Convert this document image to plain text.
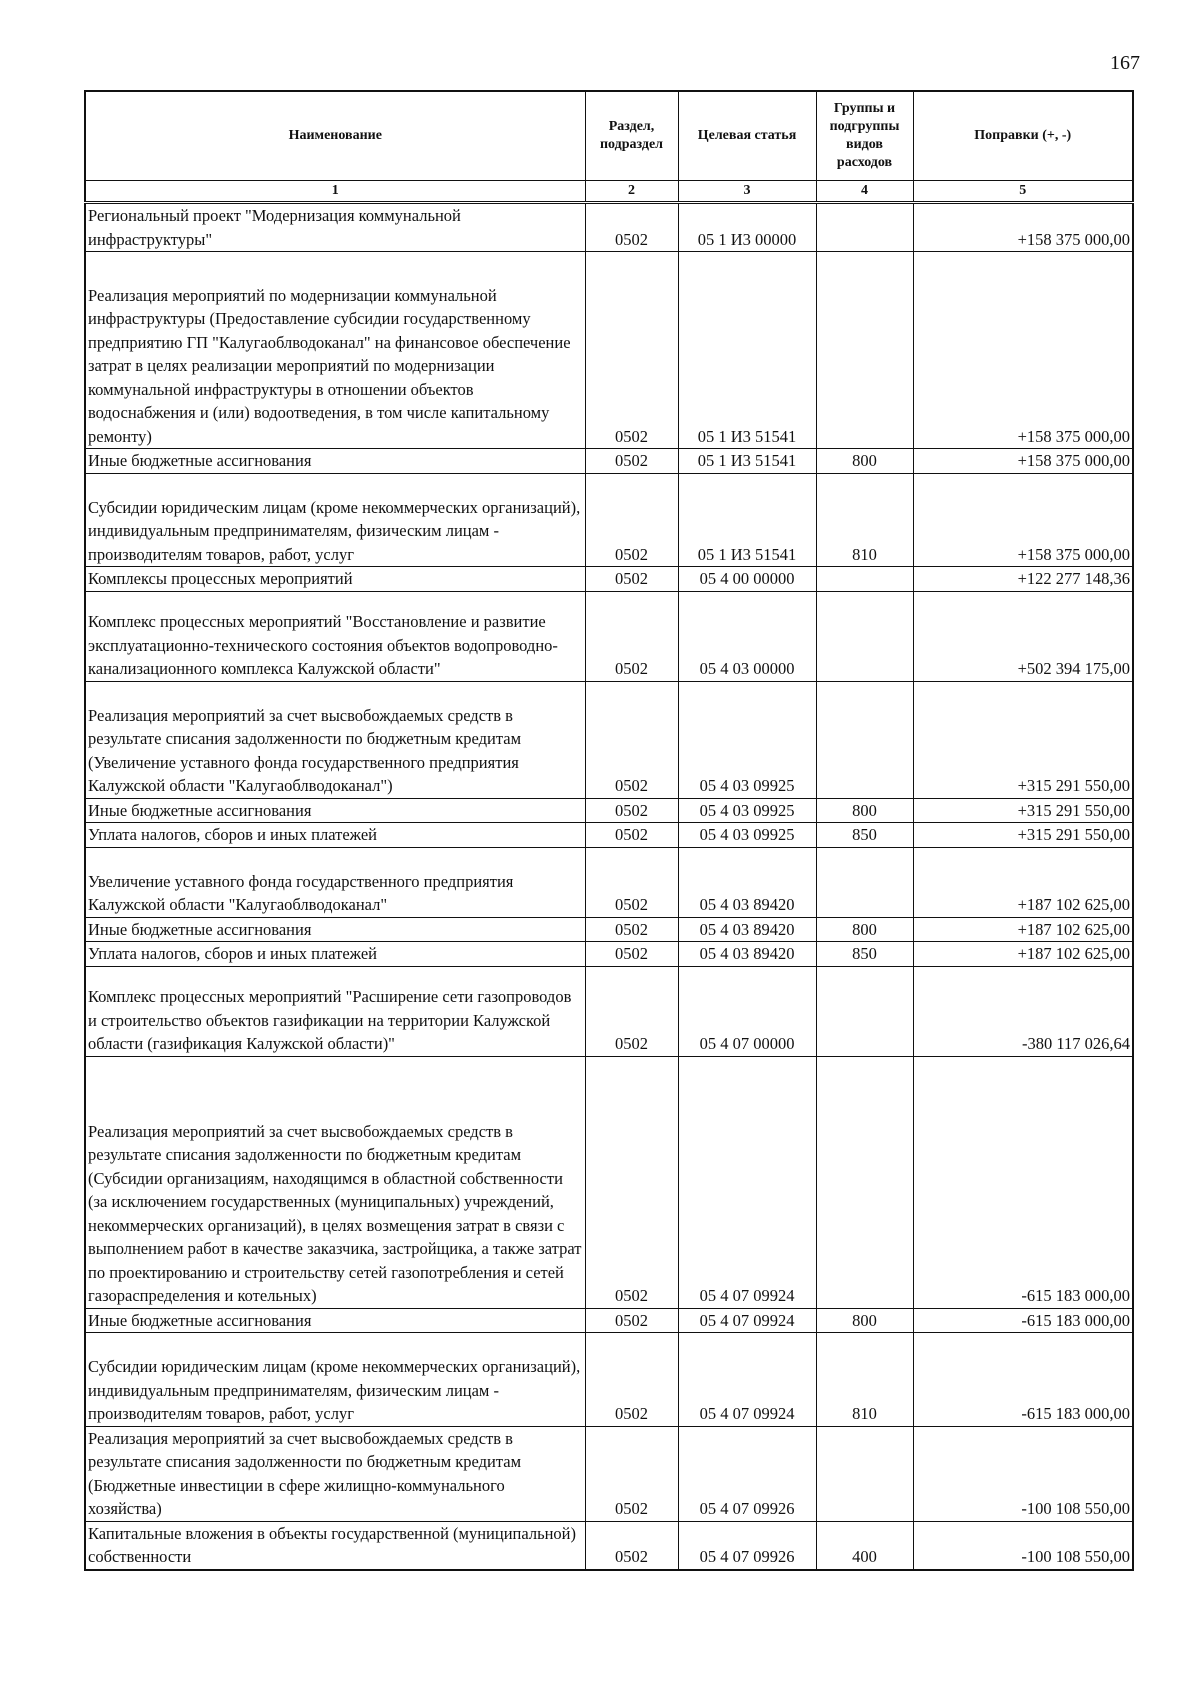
167
Наименование	Раздел, подраздел	Целевая статья	Группы и подгруппы видов расходов	Поправки (+, -)
1	2	3	4	5
Региональный проект "Модернизация коммунальной инфраструктуры"	0502	05 1 И3 00000		+158 375 000,00
Реализация мероприятий по модернизации коммунальной инфраструктуры (Предоставление субсидии государственному предприятию ГП "Калугаоблводоканал" на финансовое обеспечение затрат в целях реализации мероприятий по модернизации коммунальной инфраструктуры в отношении объектов водоснабжения и (или) водоотведения, в том числе капитальному ремонту)	0502	05 1 И3 51541		+158 375 000,00
Иные бюджетные ассигнования	0502	05 1 И3 51541	800	+158 375 000,00
Субсидии юридическим лицам (кроме некоммерческих организаций), индивидуальным предпринимателям, физическим лицам - производителям товаров, работ, услуг	0502	05 1 И3 51541	810	+158 375 000,00
Комплексы процессных мероприятий	0502	05 4 00 00000		+122 277 148,36
Комплекс процессных мероприятий "Восстановление и развитие эксплуатационно-технического состояния объектов водопроводно-канализационного комплекса Калужской области"	0502	05 4 03 00000		+502 394 175,00
Реализация мероприятий за счет высвобождаемых средств в результате списания задолженности по бюджетным кредитам (Увеличение уставного фонда государственного предприятия Калужской области "Калугаоблводоканал")	0502	05 4 03 09925		+315 291 550,00
Иные бюджетные ассигнования	0502	05 4 03 09925	800	+315 291 550,00
Уплата налогов, сборов и иных платежей	0502	05 4 03 09925	850	+315 291 550,00
Увеличение уставного фонда государственного предприятия Калужской области "Калугаоблводоканал"	0502	05 4 03 89420		+187 102 625,00
Иные бюджетные ассигнования	0502	05 4 03 89420	800	+187 102 625,00
Уплата налогов, сборов и иных платежей	0502	05 4 03 89420	850	+187 102 625,00
Комплекс процессных мероприятий "Расширение сети газопроводов и строительство объектов газификации на территории Калужской области (газификация Калужской области)"	0502	05 4 07 00000		-380 117 026,64
Реализация мероприятий за счет высвобождаемых средств в результате списания задолженности по бюджетным кредитам (Субсидии организациям, находящимся в областной собственности (за исключением государственных (муниципальных) учреждений, некоммерческих организаций), в целях возмещения затрат в связи с выполнением работ в качестве заказчика, застройщика, а также затрат по проектированию и строительству сетей газопотребления и сетей газораспределения и котельных)	0502	05 4 07 09924		-615 183 000,00
Иные бюджетные ассигнования	0502	05 4 07 09924	800	-615 183 000,00
Субсидии юридическим лицам (кроме некоммерческих организаций), индивидуальным предпринимателям, физическим лицам - производителям товаров, работ, услуг	0502	05 4 07 09924	810	-615 183 000,00
Реализация мероприятий за счет высвобождаемых средств в результате списания задолженности по бюджетным кредитам (Бюджетные инвестиции в сфере жилищно-коммунального хозяйства)	0502	05 4 07 09926		-100 108 550,00
Капитальные вложения в объекты государственной (муниципальной) собственности	0502	05 4 07 09926	400	-100 108 550,00
